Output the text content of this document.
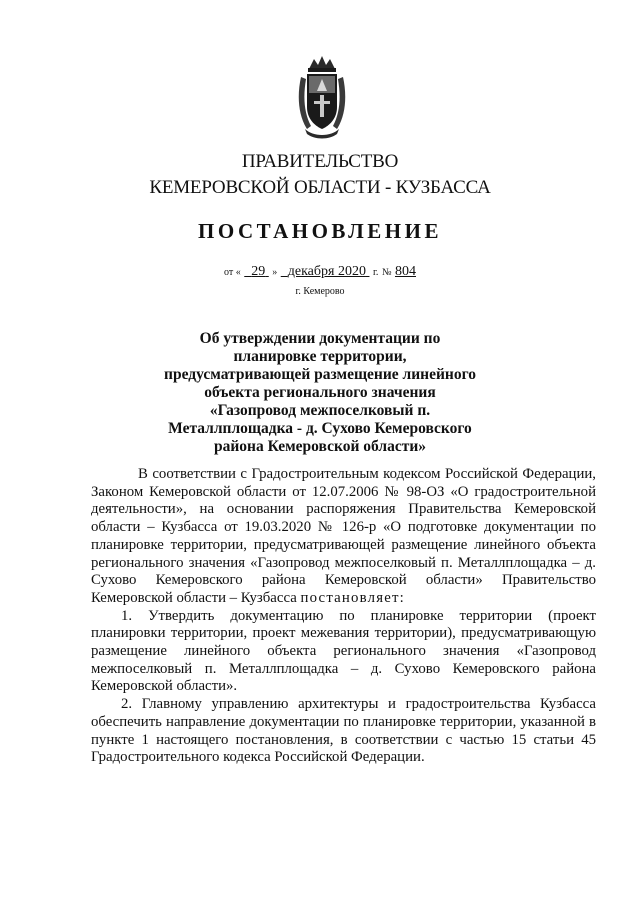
ПРАВИТЕЛЬСТВО
КЕМЕРОВСКОЙ ОБЛАСТИ - КУЗБАССА
ПОСТАНОВЛЕНИЕ
от « 29 » декабря 2020 г. № 804
г. Кемерово
Об утверждении документации по планировке территории, предусматривающей размещение линейного объекта регионального значения «Газопровод межпоселковый п. Металлплощадка - д. Сухово Кемеровского района Кемеровской области»

В соответствии с Градостроительным кодексом Российской Федерации, Законом Кемеровской области от 12.07.2006 № 98-ОЗ «О градостроительной деятельности», на основании распоряжения Правительства Кемеровской области – Кузбасса от 19.03.2020 № 126-р «О подготовке документации по планировке территории, предусматривающей размещение линейного объекта регионального значения «Газопровод межпоселковый п. Металлплощадка – д. Сухово Кемеровского района Кемеровской области» Правительство Кемеровской области – Кузбасса постановляет:

1. Утвердить документацию по планировке территории (проект планировки территории, проект межевания территории), предусматривающую размещение линейного объекта регионального значения «Газопровод межпоселковый п. Металлплощадка – д. Сухово Кемеровского района Кемеровской области».

2. Главному управлению архитектуры и градостроительства Кузбасса обеспечить направление документации по планировке территории, указанной в пункте 1 настоящего постановления, в соответствии с частью 15 статьи 45 Градостроительного кодекса Российской Федерации.
